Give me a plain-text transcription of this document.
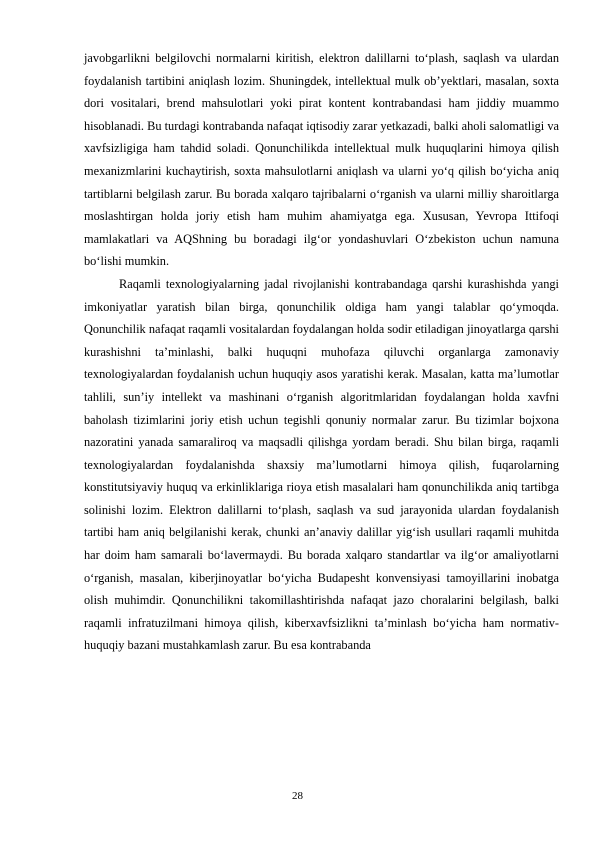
javobgarlikni belgilovchi normalarni kiritish, elektron dalillarni toʻplash, saqlash va ulardan foydalanish tartibini aniqlash lozim. Shuningdek, intellektual mulk obʼyektlari, masalan, soxta dori vositalari, brend mahsulotlari yoki pirat kontent kontrabandasi ham jiddiy muammo hisoblanadi. Bu turdagi kontrabanda nafaqat iqtisodiy zarar yetkazadi, balki aholi salomatligi va xavfsizligiga ham tahdid soladi. Qonunchilikda intellektual mulk huquqlarini himoya qilish mexanizmlarini kuchaytirish, soxta mahsulotlarni aniqlash va ularni yoʻq qilish boʻyicha aniq tartiblarni belgilash zarur. Bu borada xalqaro tajribalarni oʻrganish va ularni milliy sharoitlarga moslashtirgan holda joriy etish ham muhim ahamiyatga ega. Xususan, Yevropa Ittifoqi mamlakatlari va AQShning bu boradagi ilgʻor yondashuvlari Oʻzbekiston uchun namuna boʻlishi mumkin.

Raqamli texnologiyalarning jadal rivojlanishi kontrabandaga qarshi kurashishda yangi imkoniyatlar yaratish bilan birga, qonunchilik oldiga ham yangi talablar qoʻymoqda. Qonunchilik nafaqat raqamli vositalardan foydalangan holda sodir etiladigan jinoyatlarga qarshi kurashishni taʼminlashi, balki huquqni muhofaza qiluvchi organlarga zamonaviy texnologiyalardan foydalanish uchun huquqiy asos yaratishi kerak. Masalan, katta maʼlumotlar tahlili, sunʼiy intellekt va mashinani oʻrganish algoritmlaridan foydalangan holda xavfni baholash tizimlarini joriy etish uchun tegishli qonuniy normalar zarur. Bu tizimlar bojxona nazoratini yanada samaraliroq va maqsadli qilishga yordam beradi. Shu bilan birga, raqamli texnologiyalardan foydalanishda shaxsiy maʼlumotlarni himoya qilish, fuqarolarning konstitutsiyaviy huquq va erkinliklariga rioya etish masalalari ham qonunchilikda aniq tartibga solinishi lozim. Elektron dalillarni toʻplash, saqlash va sud jarayonida ulardan foydalanish tartibi ham aniq belgilanishi kerak, chunki anʼanaviy dalillar yigʻish usullari raqamli muhitda har doim ham samarali boʻlavermaydi. Bu borada xalqaro standartlar va ilgʻor amaliyotlarni oʻrganish, masalan, kiberjinoyatlar boʻyicha Budapesht konvensiyasi tamoyillarini inobatga olish muhimdir. Qonunchilikni takomillashtirishda nafaqat jazo choralarini belgilash, balki raqamli infratuzilmani himoya qilish, kiberxavfsizlikni taʼminlash boʻyicha ham normativ-huquqiy bazani mustahkamlash zarur. Bu esa kontrabanda

28
